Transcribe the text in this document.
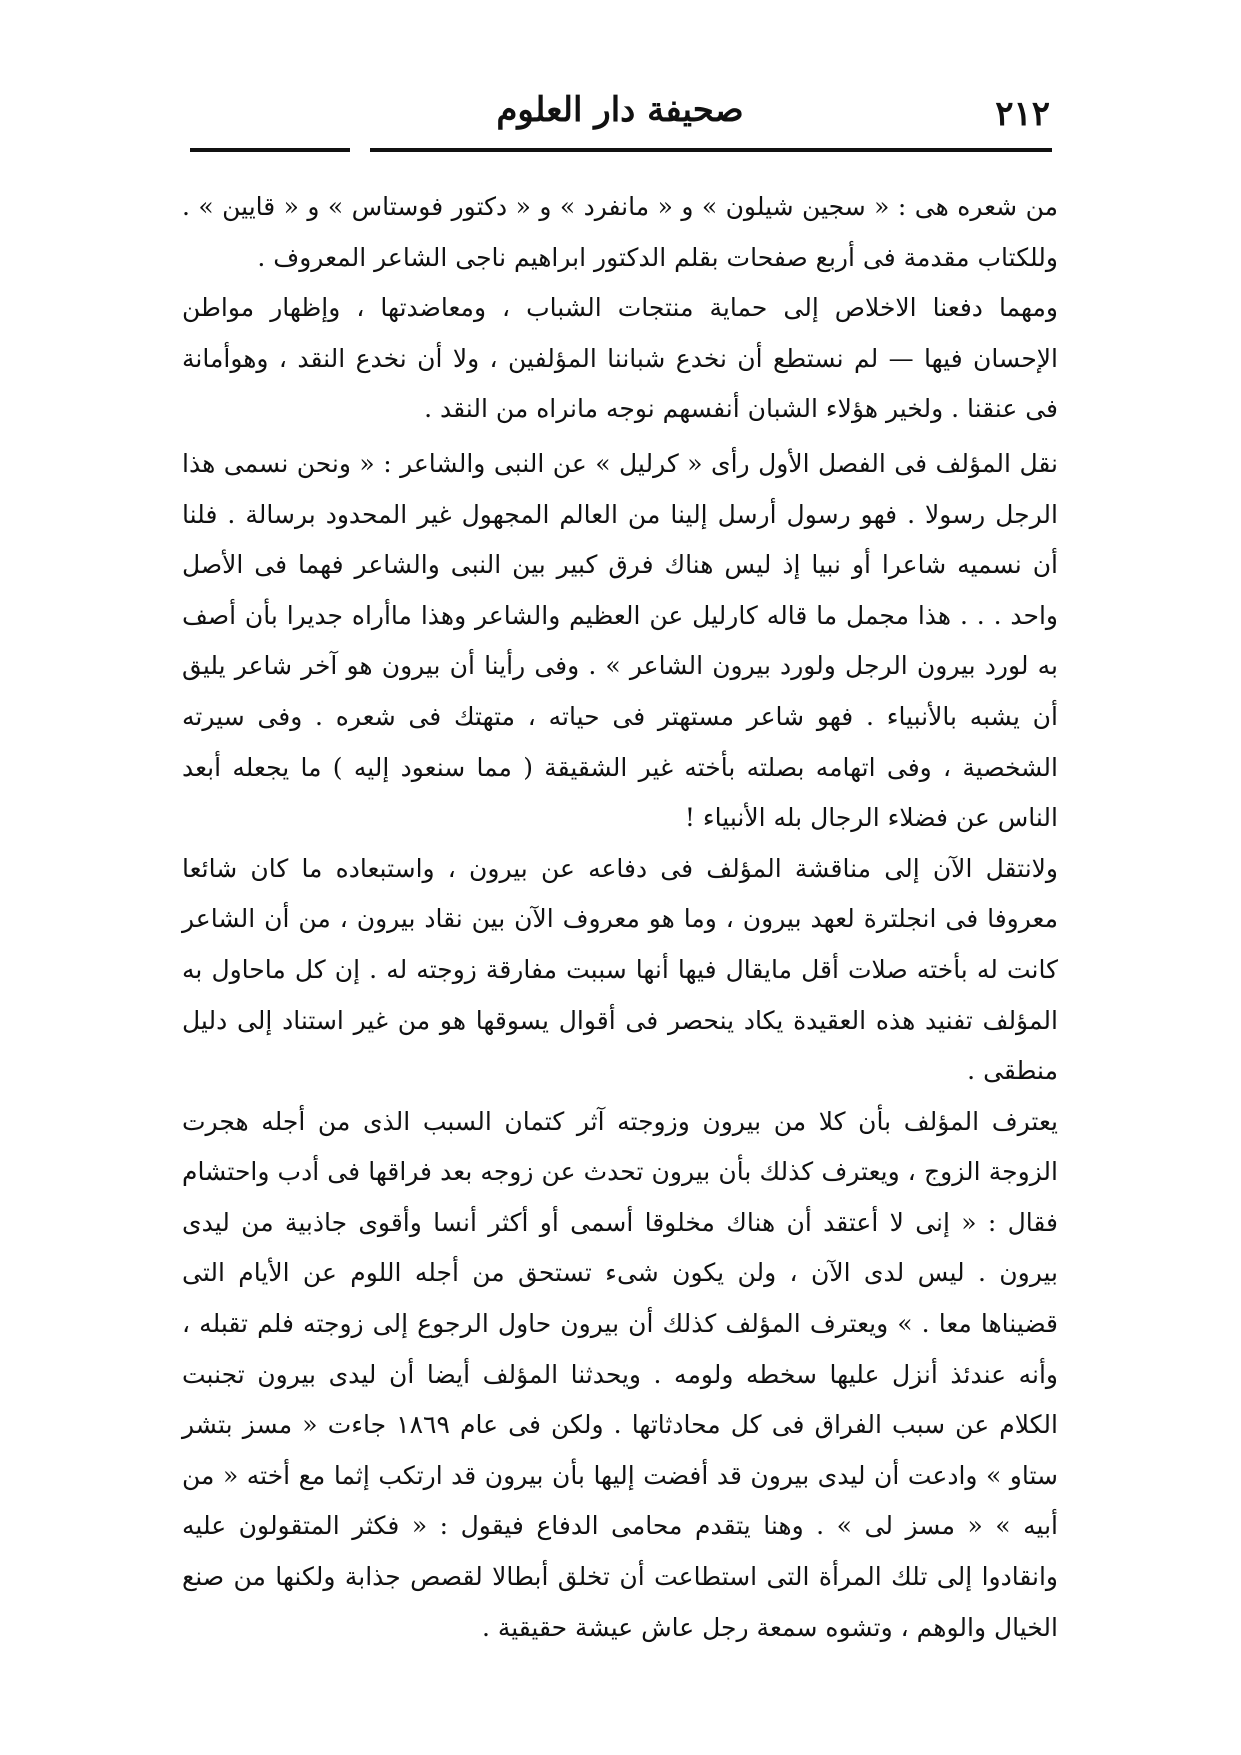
٢١٢
صحيفة دار العلوم

من شعره هى : « سجين شيلون » و « مانفرد » و « دكتور فوستاس » و « قايين » . وللكتاب مقدمة فى أربع صفحات بقلم الدكتور ابراهيم ناجى الشاعر المعروف .

ومهما دفعنا الاخلاص إلى حماية منتجات الشباب ، ومعاضدتها ، وإظهار مواطن الإحسان فيها — لم نستطع أن نخدع شباننا المؤلفين ، ولا أن نخدع النقد ، وهوأمانة فى عنقنا . ولخير هؤلاء الشبان أنفسهم نوجه مانراه من النقد .

نقل المؤلف فى الفصل الأول رأى « كرليل » عن النبى والشاعر : « ونحن نسمى هذا الرجل رسولا . فهو رسول أرسل إلينا من العالم المجهول غير المحدود برسالة . فلنا أن نسميه شاعرا أو نبيا إذ ليس هناك فرق كبير بين النبى والشاعر فهما فى الأصل واحد . . . هذا مجمل ما قاله كارليل عن العظيم والشاعر وهذا ماأراه جديرا بأن أصف به لورد بيرون الرجل ولورد بيرون الشاعر » . وفى رأينا أن بيرون هو آخر شاعر يليق أن يشبه بالأنبياء . فهو شاعر مستهتر فى حياته ، متهتك فى شعره . وفى سيرته الشخصية ، وفى اتهامه بصلته بأخته غير الشقيقة ( مما سنعود إليه ) ما يجعله أبعد الناس عن فضلاء الرجال بله الأنبياء !

ولانتقل الآن إلى مناقشة المؤلف فى دفاعه عن بيرون ، واستبعاده ما كان شائعا معروفا فى انجلترة لعهد بيرون ، وما هو معروف الآن بين نقاد بيرون ، من أن الشاعر كانت له بأخته صلات أقل مايقال فيها أنها سببت مفارقة زوجته له . إن كل ماحاول به المؤلف تفنيد هذه العقيدة يكاد ينحصر فى أقوال يسوقها هو من غير استناد إلى دليل منطقى .

يعترف المؤلف بأن كلا من بيرون وزوجته آثر كتمان السبب الذى من أجله هجرت الزوجة الزوج ، ويعترف كذلك بأن بيرون تحدث عن زوجه بعد فراقها فى أدب واحتشام فقال : « إنى لا أعتقد أن هناك مخلوقا أسمى أو أكثر أنسا وأقوى جاذبية من ليدى بيرون . ليس لدى الآن ، ولن يكون شىء تستحق من أجله اللوم عن الأيام التى قضيناها معا . » ويعترف المؤلف كذلك أن بيرون حاول الرجوع إلى زوجته فلم تقبله ، وأنه عندئذ أنزل عليها سخطه ولومه . ويحدثنا المؤلف أيضا أن ليدى بيرون تجنبت الكلام عن سبب الفراق فى كل محادثاتها . ولكن فى عام ١٨٦٩ جاءت « مسز بتشر ستاو » وادعت أن ليدى بيرون قد أفضت إليها بأن بيرون قد ارتكب إثما مع أخته « من أبيه » « مسز لى » . وهنا يتقدم محامى الدفاع فيقول : « فكثر المتقولون عليه وانقادوا إلى تلك المرأة التى استطاعت أن تخلق أبطالا لقصص جذابة ولكنها من صنع الخيال والوهم ، وتشوه سمعة رجل عاش عيشة حقيقية .
